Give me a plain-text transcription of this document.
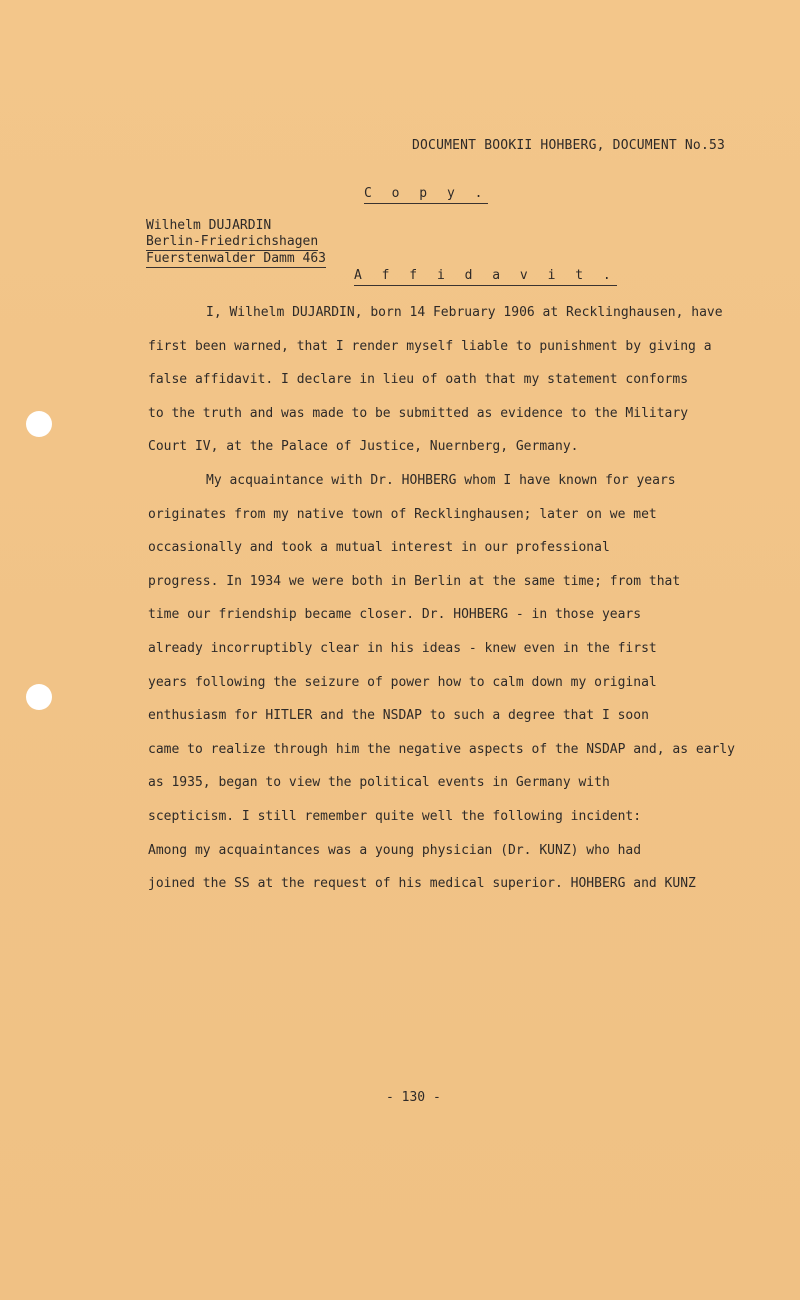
DOCUMENT BOOKII HOHBERG, DOCUMENT No.53
C o p y .
Wilhelm DUJARDIN
Berlin-Friedrichshagen
Fuerstenwalder Damm 463
A f f i d a v i t .
I, Wilhelm DUJARDIN, born 14 February 1906 at Recklinghausen, have
first been warned, that I render myself liable to punishment by giving a
false affidavit. I declare in lieu of oath that my statement conforms
to the truth and was made to be submitted as evidence to the Military
Court IV, at the Palace of Justice, Nuernberg, Germany.
My acquaintance with Dr. HOHBERG whom I have known for years
originates from my native town of Recklinghausen; later on we met
occasionally and took a mutual interest in our professional
progress. In 1934 we were both in Berlin at the same time; from that
time our friendship became closer. Dr. HOHBERG - in those years
already incorruptibly clear in his ideas - knew even in the first
years following the seizure of power how to calm down my original
enthusiasm for HITLER and the NSDAP to such a degree that I soon
came to realize through him the negative aspects of the NSDAP and, as early
as 1935, began to view the political events in Germany with
scepticism. I still remember quite well the following incident:
Among my acquaintances was a young physician (Dr. KUNZ) who had
joined the SS at the request of his medical superior. HOHBERG and KUNZ
- 130 -
